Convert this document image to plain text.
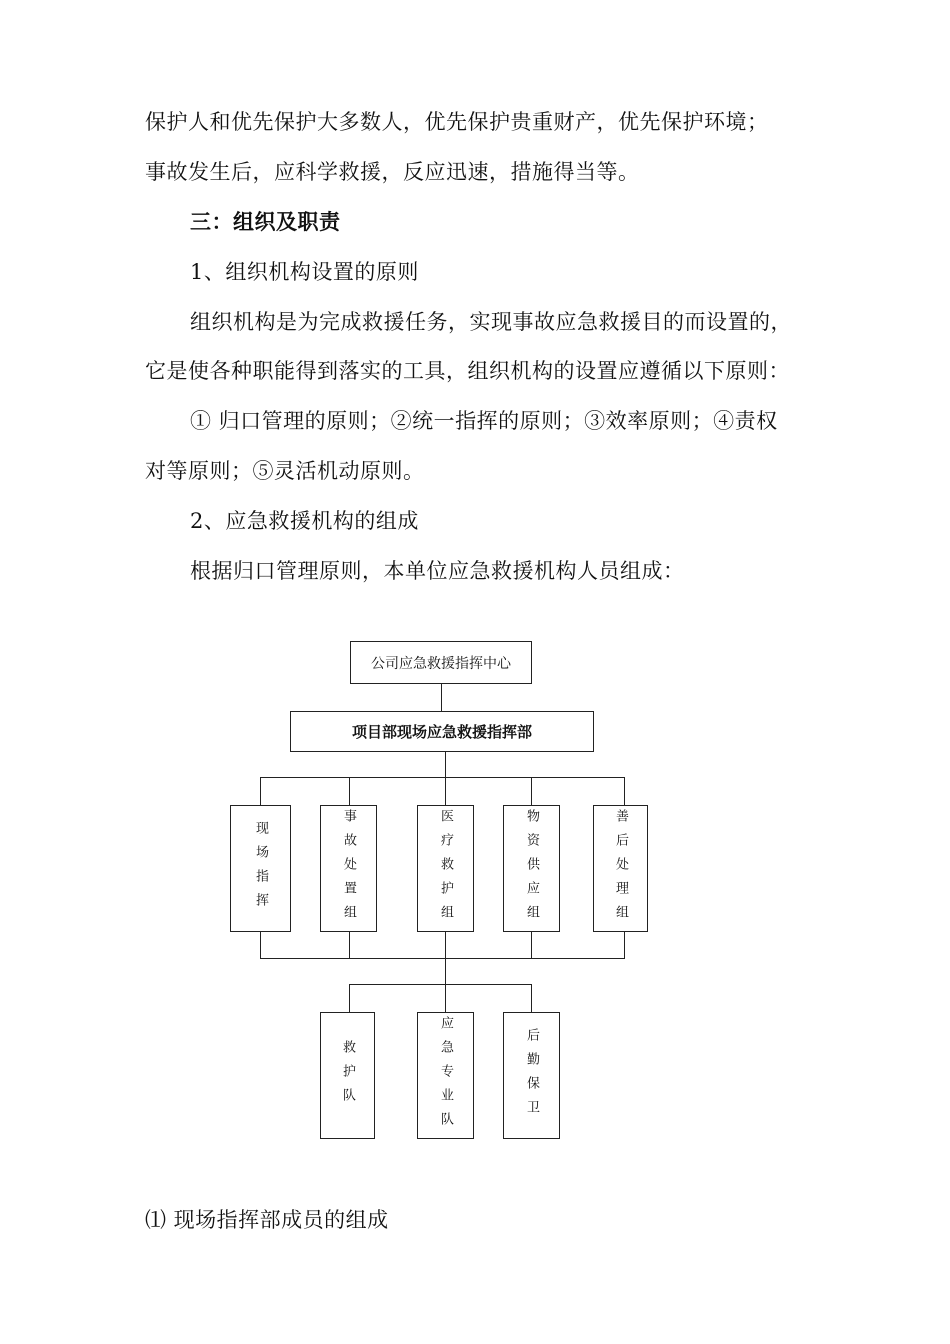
保护人和优先保护大多数人，优先保护贵重财产，优先保护环境；
事故发生后，应科学救援，反应迅速，措施得当等。
三：组织及职责
1、组织机构设置的原则
组织机构是为完成救援任务，实现事故应急救援目的而设置的，
它是使各种职能得到落实的工具，组织机构的设置应遵循以下原则：
① 归口管理的原则；②统一指挥的原则；③效率原则；④责权
对等原则；⑤灵活机动原则。
2、应急救援机构的组成
根据归口管理原则，本单位应急救援机构人员组成：
⑴ 现场指挥部成员的组成
公司应急救援指挥中心
项目部现场应急救援指挥部
现场指挥	事故处置组	医疗救护组	物资供应组	善后处理组
救护队	应急专业队	后勤保卫
